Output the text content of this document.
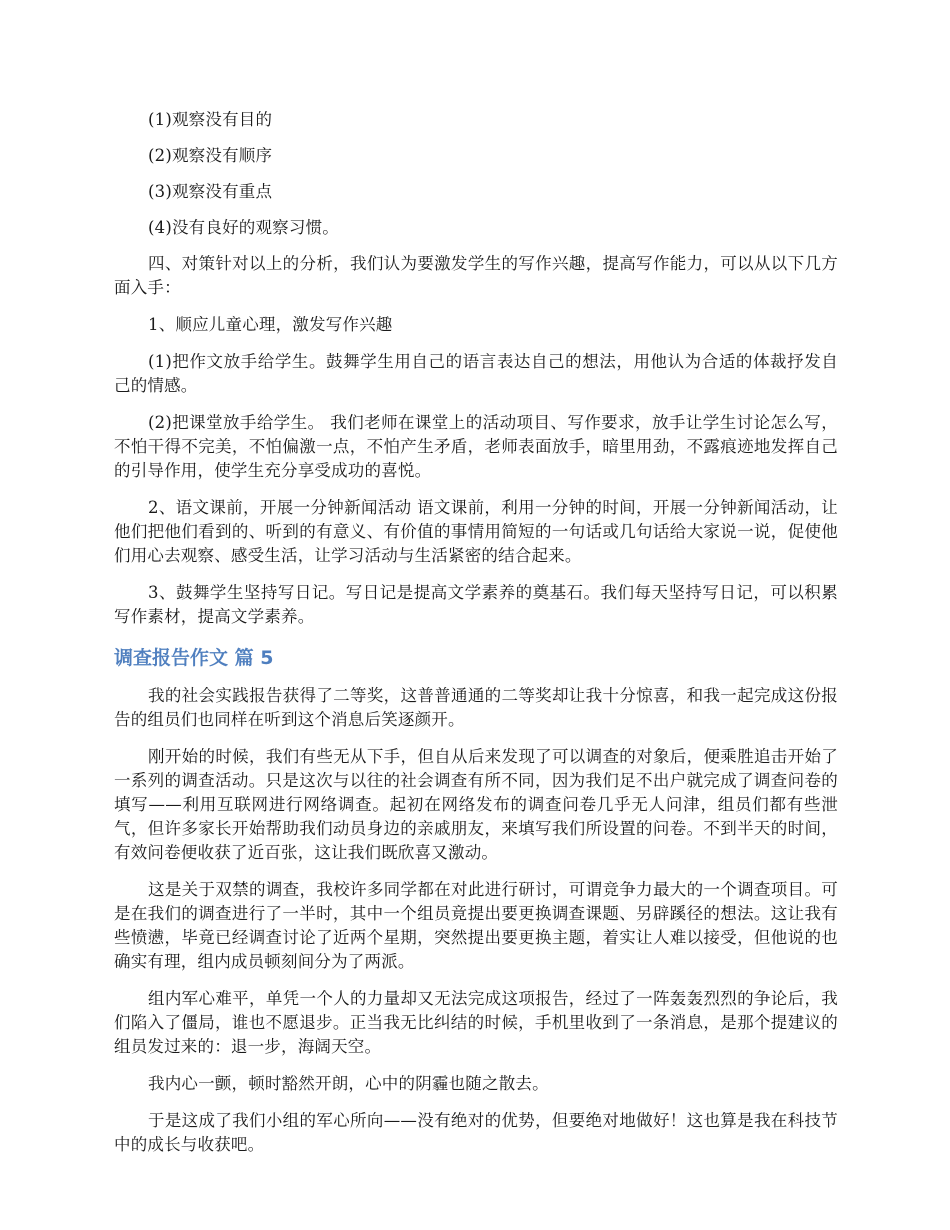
(1)观察没有目的

(2)观察没有顺序

(3)观察没有重点

(4)没有良好的观察习惯。

四、对策针对以上的分析，我们认为要激发学生的写作兴趣，提高写作能力，可以从以下几方面入手：

1、顺应儿童心理，激发写作兴趣

(1)把作文放手给学生。鼓舞学生用自己的语言表达自己的想法，用他认为合适的体裁抒发自己的情感。

(2)把课堂放手给学生。 我们老师在课堂上的活动项目、写作要求，放手让学生讨论怎么写，不怕干得不完美，不怕偏激一点，不怕产生矛盾，老师表面放手，暗里用劲，不露痕迹地发挥自己的引导作用，使学生充分享受成功的喜悦。

2、语文课前，开展一分钟新闻活动 语文课前，利用一分钟的时间，开展一分钟新闻活动，让他们把他们看到的、听到的有意义、有价值的事情用简短的一句话或几句话给大家说一说，促使他们用心去观察、感受生活，让学习活动与生活紧密的结合起来。

3、鼓舞学生坚持写日记。写日记是提高文学素养的奠基石。我们每天坚持写日记，可以积累写作素材，提高文学素养。

调查报告作文 篇 5

我的社会实践报告获得了二等奖，这普普通通的二等奖却让我十分惊喜，和我一起完成这份报告的组员们也同样在听到这个消息后笑逐颜开。

刚开始的时候，我们有些无从下手，但自从后来发现了可以调查的对象后，便乘胜追击开始了一系列的调查活动。只是这次与以往的社会调查有所不同，因为我们足不出户就完成了调查问卷的填写——利用互联网进行网络调查。起初在网络发布的调查问卷几乎无人问津，组员们都有些泄气，但许多家长开始帮助我们动员身边的亲戚朋友，来填写我们所设置的问卷。不到半天的时间，有效问卷便收获了近百张，这让我们既欣喜又激动。

这是关于双禁的调查，我校许多同学都在对此进行研讨，可谓竞争力最大的一个调查项目。可是在我们的调查进行了一半时，其中一个组员竟提出要更换调查课题、另辟蹊径的想法。这让我有些愤懑，毕竟已经调查讨论了近两个星期，突然提出要更换主题，着实让人难以接受，但他说的也确实有理，组内成员顿刻间分为了两派。

组内军心难平，单凭一个人的力量却又无法完成这项报告，经过了一阵轰轰烈烈的争论后，我们陷入了僵局，谁也不愿退步。正当我无比纠结的时候，手机里收到了一条消息，是那个提建议的组员发过来的：退一步，海阔天空。

我内心一颤，顿时豁然开朗，心中的阴霾也随之散去。

于是这成了我们小组的军心所向——没有绝对的优势，但要绝对地做好！这也算是我在科技节中的成长与收获吧。
